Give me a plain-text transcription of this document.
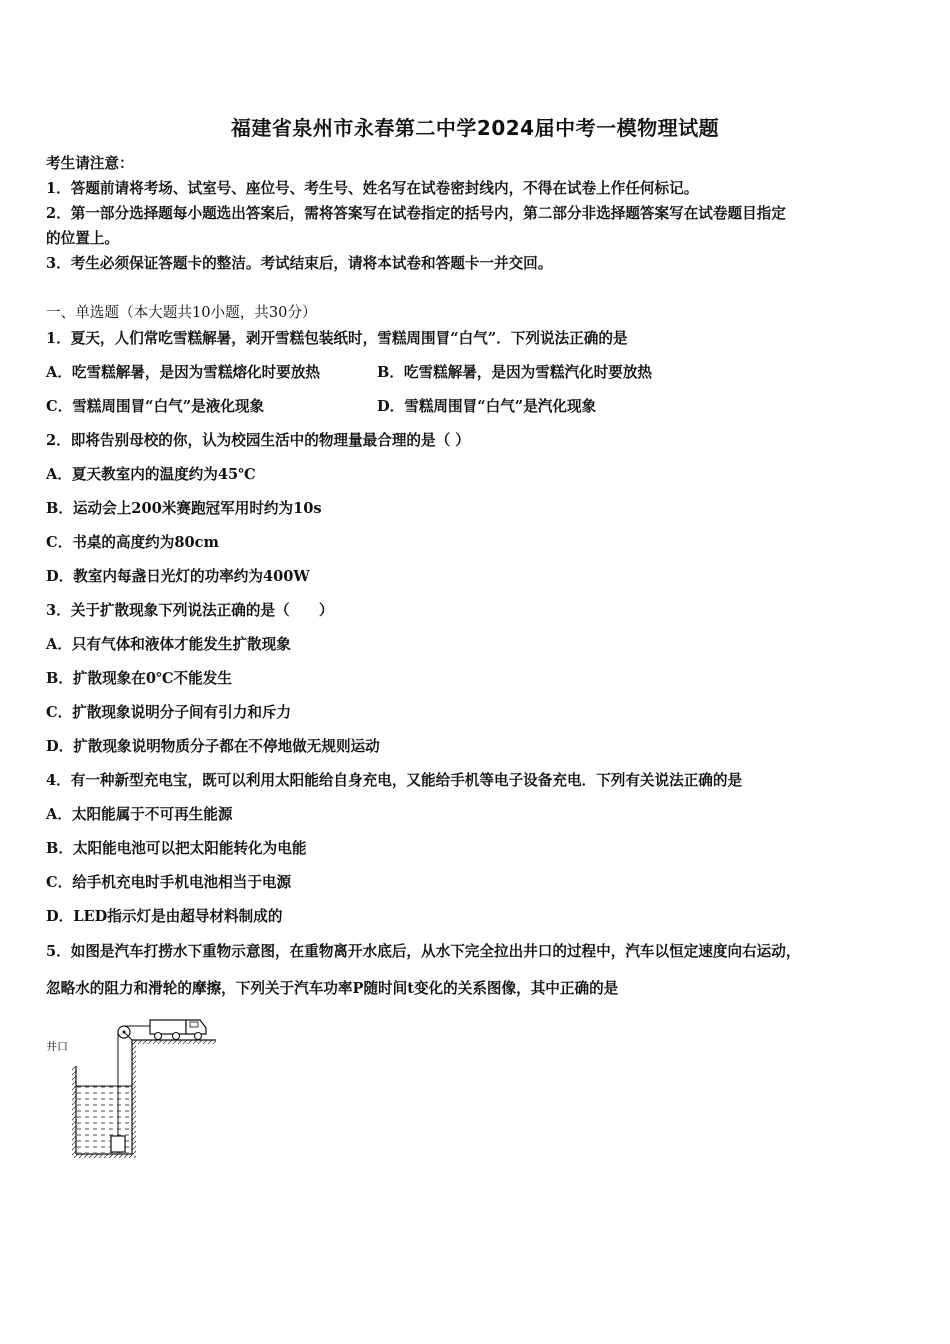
福建省泉州市永春第二中学2024届中考一模物理试题
考生请注意：
1．答题前请将考场、试室号、座位号、考生号、姓名写在试卷密封线内，不得在试卷上作任何标记。
2．第一部分选择题每小题选出答案后，需将答案写在试卷指定的括号内，第二部分非选择题答案写在试卷题目指定
的位置上。
3．考生必须保证答题卡的整洁。考试结束后，请将本试卷和答题卡一并交回。
一、单选题（本大题共10小题，共30分）
1．夏天，人们常吃雪糕解暑，剥开雪糕包装纸时，雪糕周围冒“白气”．下列说法正确的是
A．吃雪糕解暑，是因为雪糕熔化时要放热	B．吃雪糕解暑，是因为雪糕汽化时要放热
C．雪糕周围冒“白气”是液化现象	D．雪糕周围冒“白气”是汽化现象
2．即将告别母校的你，认为校园生活中的物理量最合理的是（ ）
A．夏天教室内的温度约为45℃
B．运动会上200米赛跑冠军用时约为10s
C．书桌的高度约为80cm
D．教室内每盏日光灯的功率约为400W
3．关于扩散现象下列说法正确的是（　　）
A．只有气体和液体才能发生扩散现象
B．扩散现象在0℃不能发生
C．扩散现象说明分子间有引力和斥力
D．扩散现象说明物质分子都在不停地做无规则运动
4．有一种新型充电宝，既可以利用太阳能给自身充电，又能给手机等电子设备充电．下列有关说法正确的是
A．太阳能属于不可再生能源
B．太阳能电池可以把太阳能转化为电能
C．给手机充电时手机电池相当于电源
D．LED指示灯是由超导材料制成的
5．如图是汽车打捞水下重物示意图，在重物离开水底后，从水下完全拉出井口的过程中，汽车以恒定速度向右运动，
忽略水的阻力和滑轮的摩擦，下列关于汽车功率P随时间t变化的关系图像，其中正确的是
井口
